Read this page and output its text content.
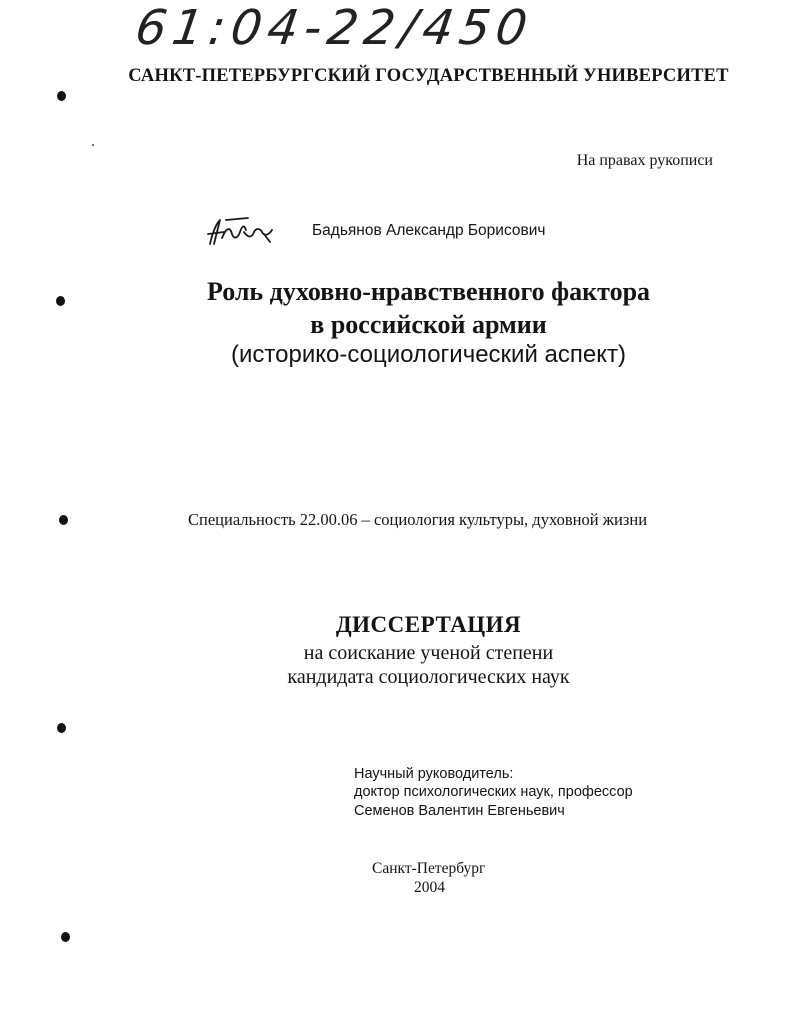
61:04-22/450
САНКТ-ПЕТЕРБУРГСКИЙ ГОСУДАРСТВЕННЫЙ УНИВЕРСИТЕТ
На правах рукописи
Бадьянов Александр Борисович
Роль духовно-нравственного фактора
в российской армии
(историко-социологический аспект)
Специальность 22.00.06 – социология культуры, духовной жизни
ДИССЕРТАЦИЯ
на соискание ученой степени
кандидата социологических наук
Научный руководитель:
доктор психологических наук, профессор
Семенов Валентин Евгеньевич
Санкт-Петербург
2004
